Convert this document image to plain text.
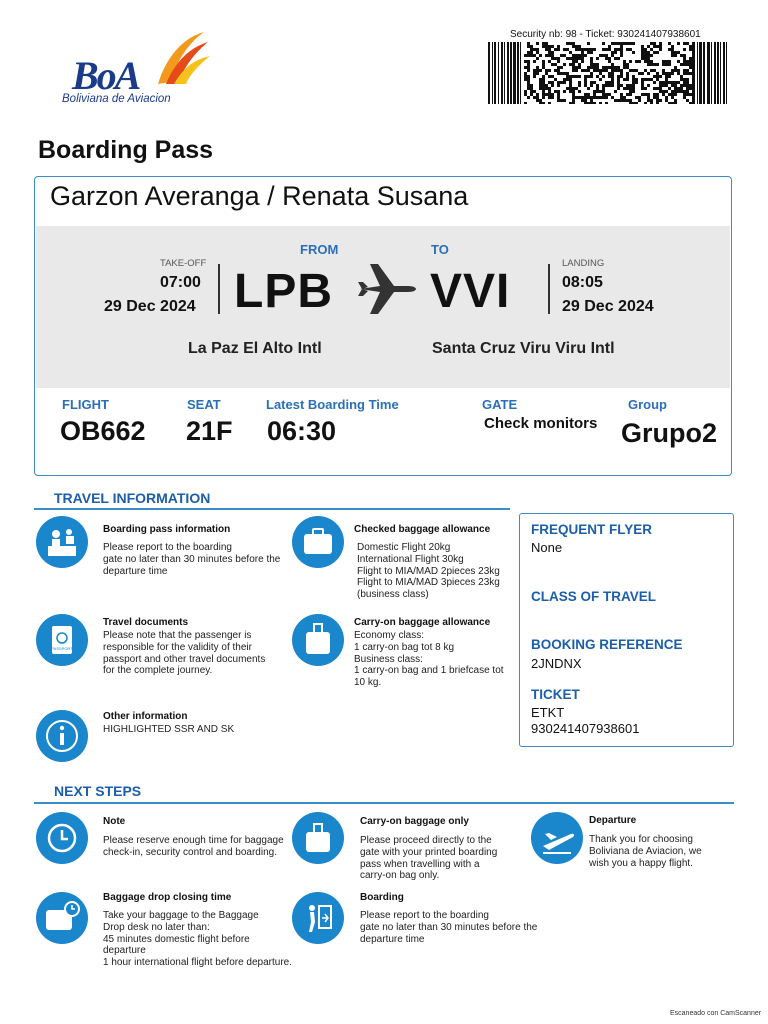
BoA
Boliviana de Aviacion
Security nb: 98 - Ticket: 930241407938601
Boarding Pass
Garzon Averanga / Renata Susana
FROM	TO
TAKE-OFF
07:00
29 Dec 2024 LPB VVI
LANDING
08:05
29 Dec 2024
La Paz El Alto Intl	Santa Cruz Viru Viru Intl
FLIGHT
OB662
SEAT
21F
Latest Boarding Time
06:30
GATE
Check monitors
Group
Grupo2
TRAVEL INFORMATION
Boarding pass information
Please report to the boarding
gate no later than 30 minutes before the
departure time
Checked baggage allowance
Domestic Flight 20kg
International Flight 30kg
Flight to MIA/MAD 2pieces 23kg
Flight to MIA/MAD 3pieces 23kg
(business class)
PASSPORT
Travel documents
Please note that the passenger is
responsible for the validity of their
passport and other travel documents
for the complete journey.
Carry-on baggage allowance
Economy class:
1 carry-on bag tot 8 kg
Business class:
1 carry-on bag and 1 briefcase tot
10 kg.
Other information
HIGHLIGHTED SSR AND SK
FREQUENT FLYER
None
CLASS OF TRAVEL
BOOKING REFERENCE
2JNDNX
TICKET
ETKT
930241407938601
NEXT STEPS
Note
Please reserve enough time for baggage
check-in, security control and boarding.
Carry-on baggage only
Please proceed directly to the
gate with your printed boarding
pass when travelling with a
carry-on bag only.
Departure
Thank you for choosing
Boliviana de Aviacion, we
wish you a happy flight.
Baggage drop closing time
Take your baggage to the Baggage
Drop desk no later than:
45 minutes domestic flight before
departure
1 hour international flight before departure.
Boarding
Please report to the boarding
gate no later than 30 minutes before the
departure time
Escaneado con CamScanner
